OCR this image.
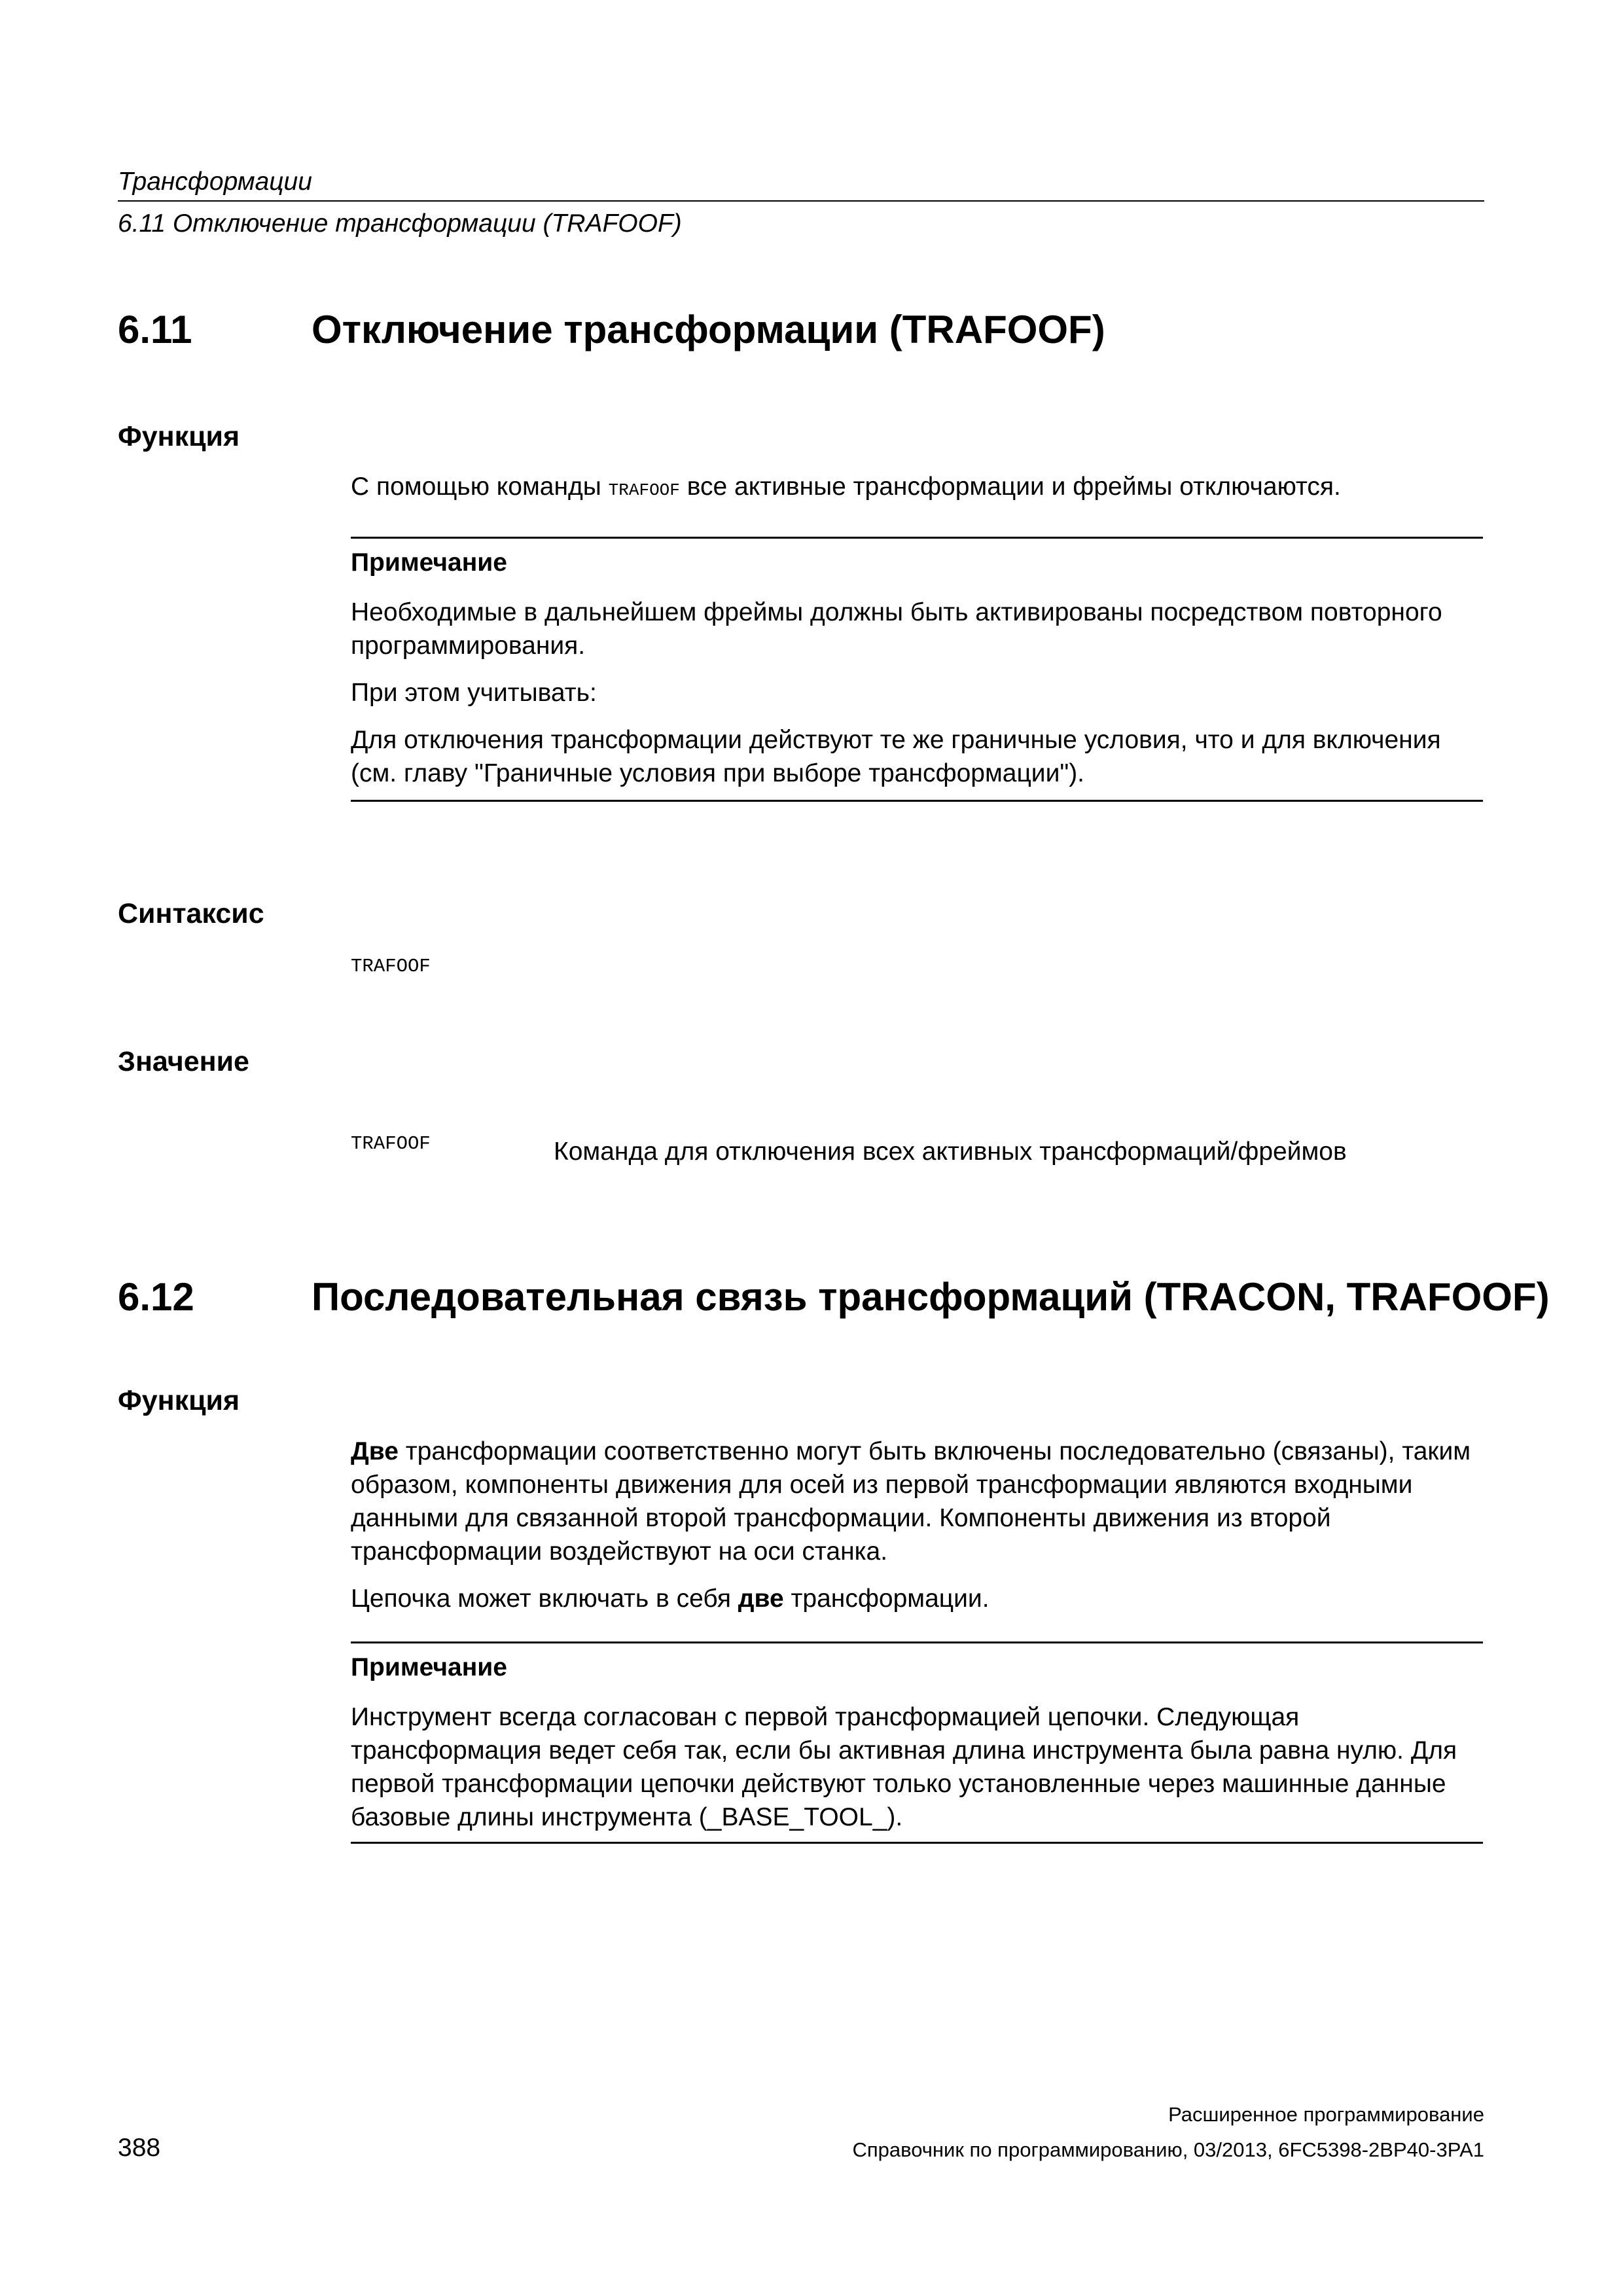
Трансформации
6.11 Отключение трансформации (TRAFOOF)
6.11	Отключение трансформации (TRAFOOF)
Функция
С помощью команды TRAFOOF все активные трансформации и фреймы отключаются.
Примечание

Необходимые в дальнейшем фреймы должны быть активированы посредством повторного программирования.

При этом учитывать:

Для отключения трансформации действуют те же граничные условия, что и для включения (см. главу "Граничные условия при выборе трансформации").

Синтаксис
TRAFOOF
Значение
TRAFOOF	Команда для отключения всех активных трансформаций/фреймов
6.12	Последовательная связь трансформаций (TRACON, TRAFOOF)
Функция

Две трансформации соответственно могут быть включены последовательно (связаны), таким образом, компоненты движения для осей из первой трансформации являются входными данными для связанной второй трансформации. Компоненты движения из второй трансформации воздействуют на оси станка.

Цепочка может включать в себя две трансформации.

Примечание

Инструмент всегда согласован с первой трансформацией цепочки. Следующая трансформация ведет себя так, если бы активная длина инструмента была равна нулю. Для первой трансформации цепочки действуют только установленные через машинные данные базовые длины инструмента (_BASE_TOOL_).

Расширенное программирование
388	Справочник по программированию, 03/2013, 6FC5398-2BP40-3PA1
